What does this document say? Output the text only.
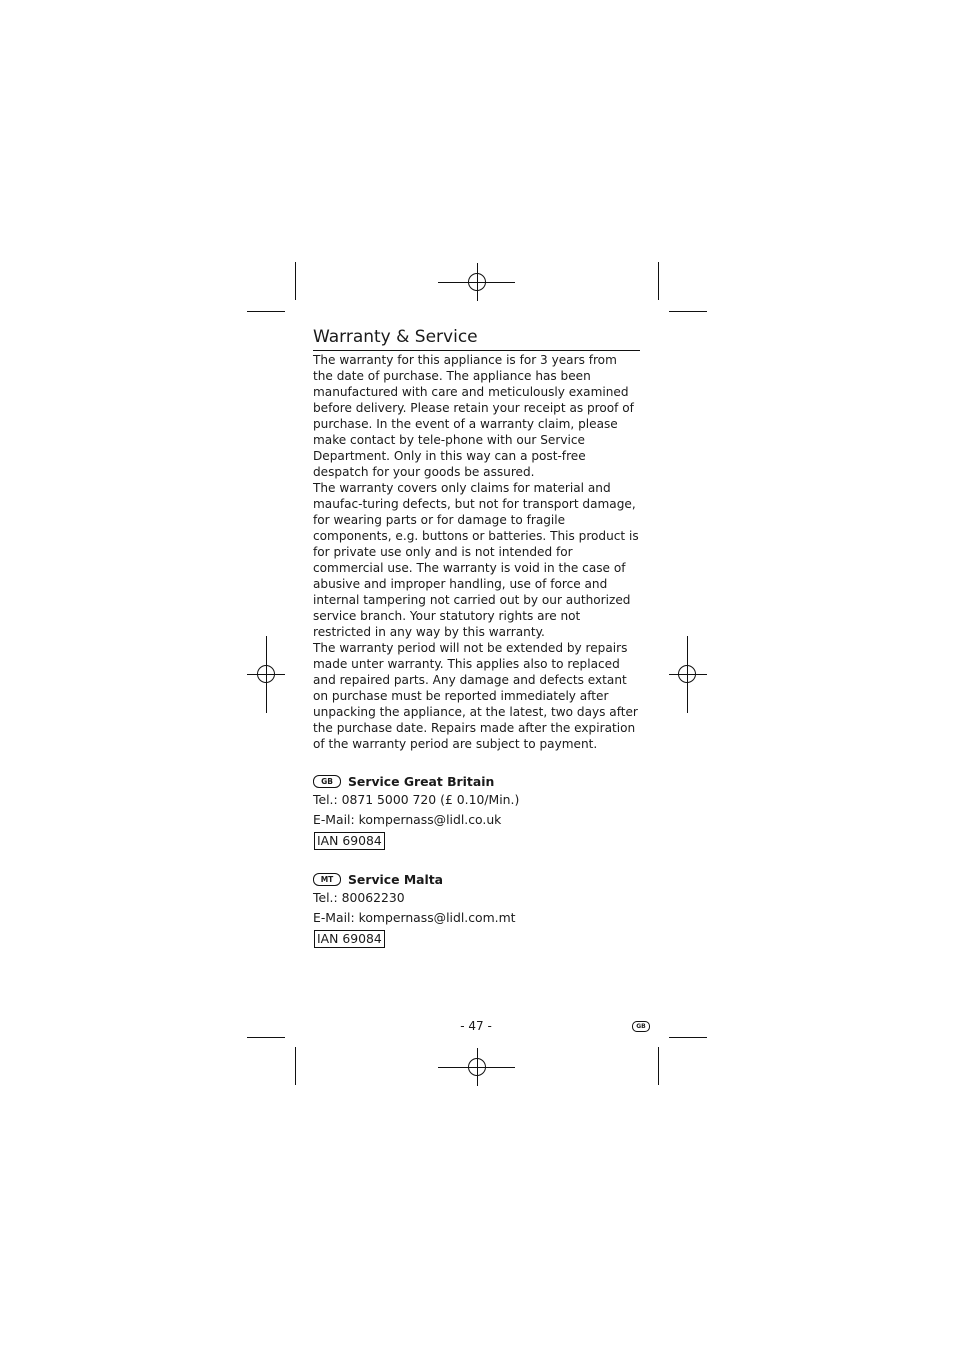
Warranty & Service

The warranty for this appliance is for 3 years from the date of purchase. The appliance has been manufactured with care and meticulously examined before delivery. Please retain your receipt as proof of purchase. In the event of a warranty claim, please make contact by tele-phone with our Service Department. Only in this way can a post-free despatch for your goods be assured.

The warranty covers only claims for material and maufac-turing defects, but not for transport damage, for wearing parts or for damage to fragile components, e.g. buttons or batteries. This product is for private use only and is not intended for commercial use. The warranty is void in the case of abusive and improper handling, use of force and internal tampering not carried out by our authorized service branch. Your statutory rights are not restricted in any way by this warranty.

The warranty period will not be extended by repairs made unter warranty. This applies also to replaced and repaired parts. Any damage and defects extant on purchase must be reported immediately after unpacking the appliance, at the latest, two days after the purchase date. Repairs made after the expiration of the warranty period are subject to payment.

GB	Service Great Britain
Tel.: 0871 5000 720 (£ 0.10/Min.)
E-Mail: kompernass@lidl.co.uk
IAN 69084
MT	Service Malta
Tel.: 80062230
E-Mail: kompernass@lidl.com.mt
IAN 69084
- 47 -	GB
